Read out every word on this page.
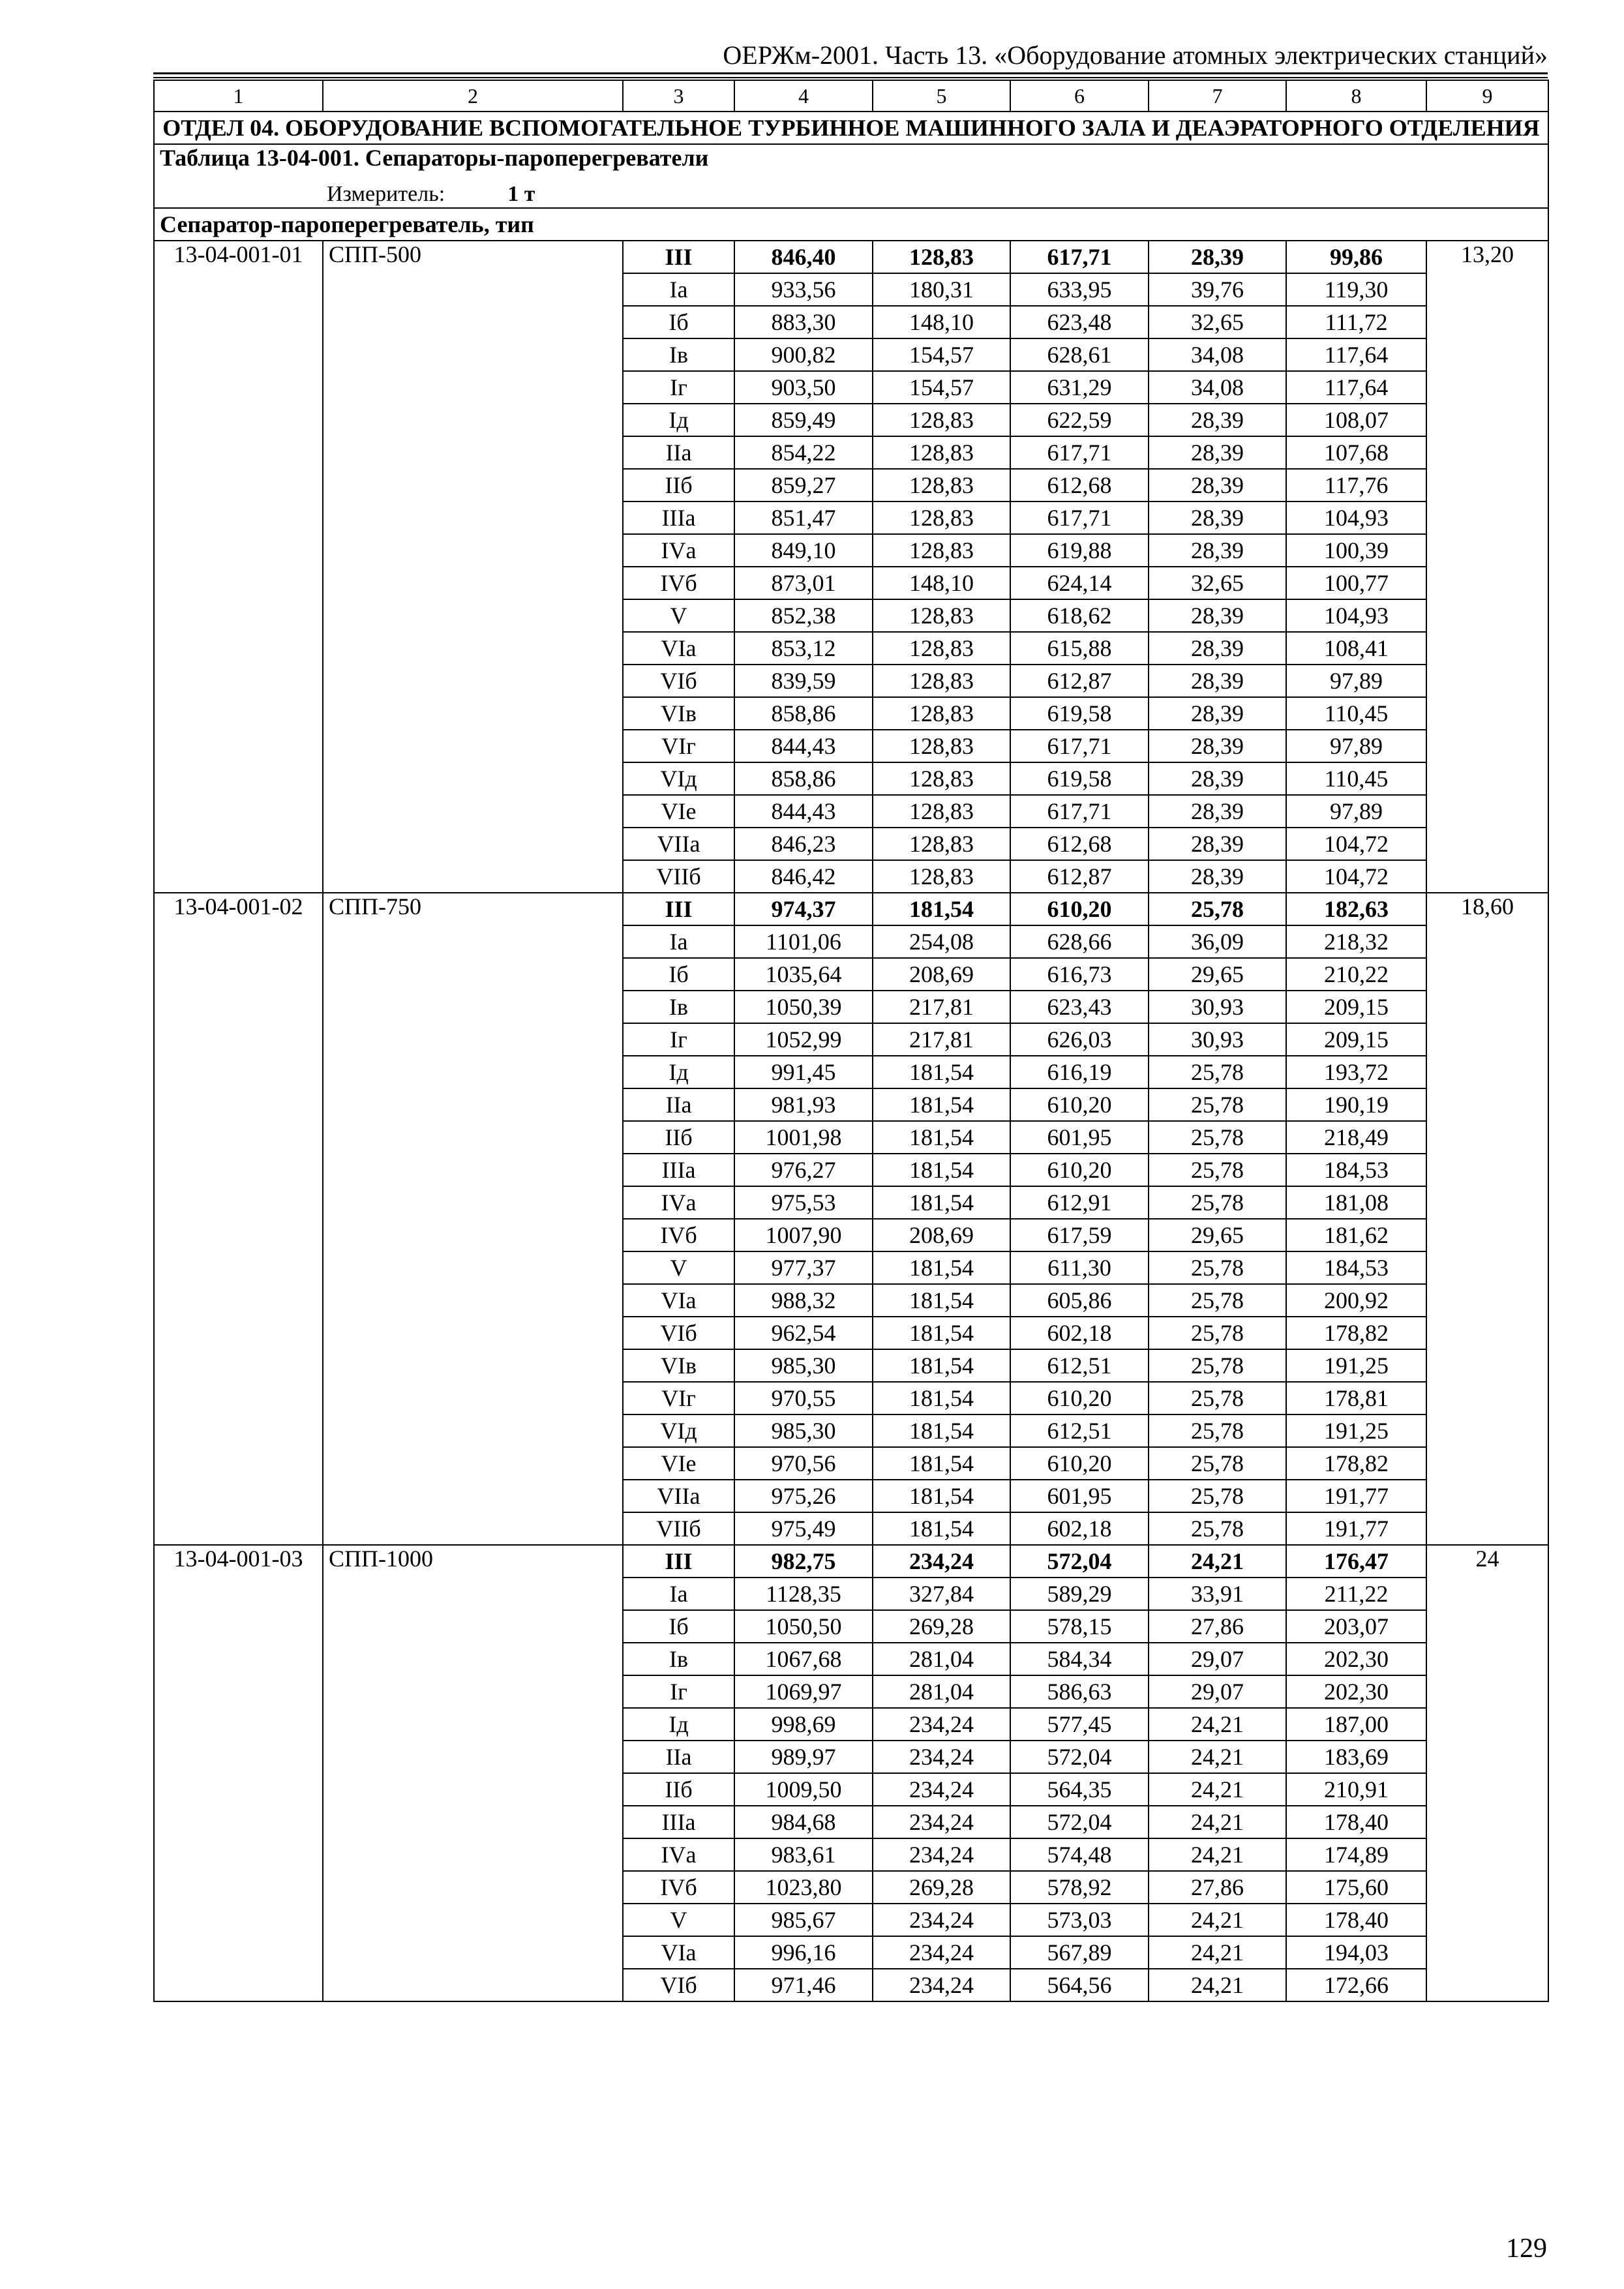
ОЕРЖм-2001. Часть 13. «Оборудование атомных электрических станций»
1	2	3	4	5	6	7	8	9
ОТДЕЛ 04. ОБОРУДОВАНИЕ ВСПОМОГАТЕЛЬНОЕ ТУРБИННОЕ МАШИННОГО ЗАЛА И ДЕАЭРАТОРНОГО ОТДЕЛЕНИЯ								
Таблица 13-04-001. Сепараторы-пароперегреватели
Измеритель: 1 т								

Сепаратор-пароперегреватель, тип								
13-04-001-01	СПП-500	III	846,40	128,83	617,71	28,39	99,86	13,20
		Iа	933,56	180,31	633,95	39,76	119,30	
		Iб	883,30	148,10	623,48	32,65	111,72	
		Iв	900,82	154,57	628,61	34,08	117,64	
		Iг	903,50	154,57	631,29	34,08	117,64	
		Iд	859,49	128,83	622,59	28,39	108,07	
		IIа	854,22	128,83	617,71	28,39	107,68	
		IIб	859,27	128,83	612,68	28,39	117,76	
		IIIа	851,47	128,83	617,71	28,39	104,93	
		IVа	849,10	128,83	619,88	28,39	100,39	
		IVб	873,01	148,10	624,14	32,65	100,77	
		V	852,38	128,83	618,62	28,39	104,93	
		VIа	853,12	128,83	615,88	28,39	108,41	
		VIб	839,59	128,83	612,87	28,39	97,89	
		VIв	858,86	128,83	619,58	28,39	110,45	
		VIг	844,43	128,83	617,71	28,39	97,89	
		VIд	858,86	128,83	619,58	28,39	110,45	
		VIе	844,43	128,83	617,71	28,39	97,89	
		VIIа	846,23	128,83	612,68	28,39	104,72	
		VIIб	846,42	128,83	612,87	28,39	104,72	
13-04-001-02	СПП-750	III	974,37	181,54	610,20	25,78	182,63	18,60
		Iа	1101,06	254,08	628,66	36,09	218,32	
		Iб	1035,64	208,69	616,73	29,65	210,22	
		Iв	1050,39	217,81	623,43	30,93	209,15	
		Iг	1052,99	217,81	626,03	30,93	209,15	
		Iд	991,45	181,54	616,19	25,78	193,72	
		IIа	981,93	181,54	610,20	25,78	190,19	
		IIб	1001,98	181,54	601,95	25,78	218,49	
		IIIа	976,27	181,54	610,20	25,78	184,53	
		IVа	975,53	181,54	612,91	25,78	181,08	
		IVб	1007,90	208,69	617,59	29,65	181,62	
		V	977,37	181,54	611,30	25,78	184,53	
		VIа	988,32	181,54	605,86	25,78	200,92	
		VIб	962,54	181,54	602,18	25,78	178,82	
		VIв	985,30	181,54	612,51	25,78	191,25	
		VIг	970,55	181,54	610,20	25,78	178,81	
		VIд	985,30	181,54	612,51	25,78	191,25	
		VIе	970,56	181,54	610,20	25,78	178,82	
		VIIа	975,26	181,54	601,95	25,78	191,77	
		VIIб	975,49	181,54	602,18	25,78	191,77	
13-04-001-03	СПП-1000	III	982,75	234,24	572,04	24,21	176,47	24
		Iа	1128,35	327,84	589,29	33,91	211,22	
		Iб	1050,50	269,28	578,15	27,86	203,07	
		Iв	1067,68	281,04	584,34	29,07	202,30	
		Iг	1069,97	281,04	586,63	29,07	202,30	
		Iд	998,69	234,24	577,45	24,21	187,00	
		IIа	989,97	234,24	572,04	24,21	183,69	
		IIб	1009,50	234,24	564,35	24,21	210,91	
		IIIа	984,68	234,24	572,04	24,21	178,40	
		IVа	983,61	234,24	574,48	24,21	174,89	
		IVб	1023,80	269,28	578,92	27,86	175,60	
		V	985,67	234,24	573,03	24,21	178,40	
		VIа	996,16	234,24	567,89	24,21	194,03	
		VIб	971,46	234,24	564,56	24,21	172,66	
129
